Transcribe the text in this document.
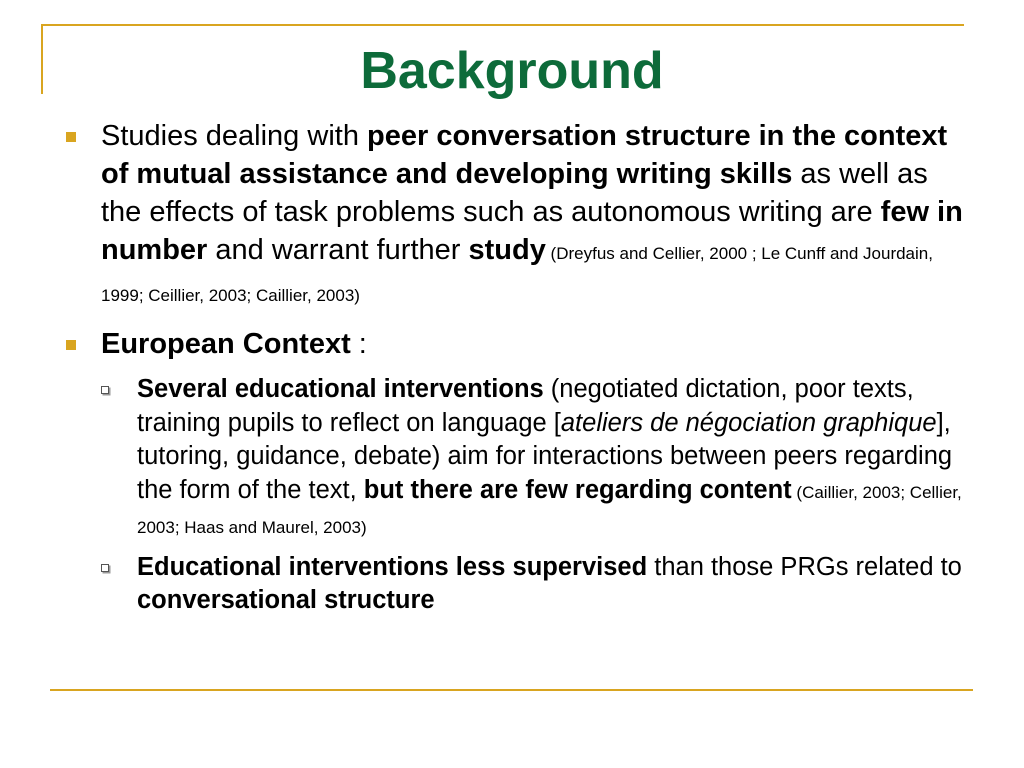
Background
Studies dealing with peer conversation structure in the context of mutual assistance and developing writing skills as well as the effects of task problems such as autonomous writing are few in number and warrant further study (Dreyfus and Cellier, 2000 ; Le Cunff and Jourdain, 1999; Ceillier, 2003; Caillier, 2003)
European Context :
Several educational interventions (negotiated dictation, poor texts, training pupils to reflect on language [ateliers de négociation graphique], tutoring, guidance, debate) aim for interactions between peers regarding the form of the text, but there are few regarding content (Caillier, 2003; Cellier, 2003; Haas and Maurel, 2003)
Educational interventions less supervised than those PRGs related to conversational structure
